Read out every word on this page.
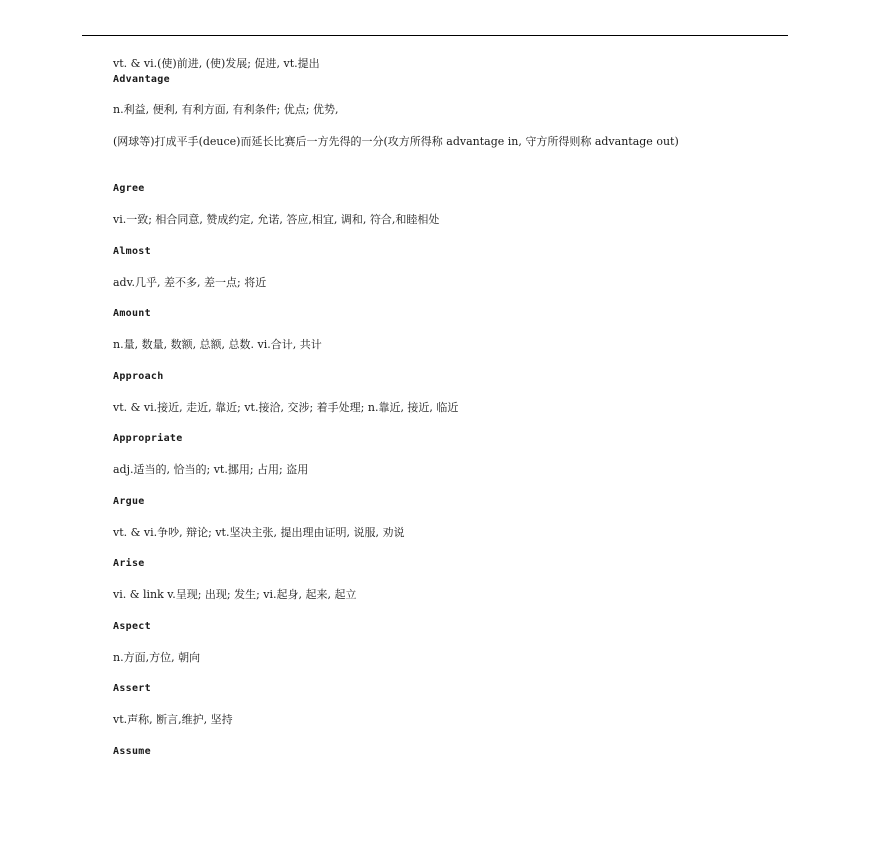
vt. & vi.(使)前进, (使)发展; 促进, vt.提出
Advantage
n.利益, 便利, 有利方面, 有利条件; 优点; 优势,
(网球等)打成平手(deuce)而延长比赛后一方先得的一分(攻方所得称 advantage in, 守方所得则称 advantage out)
Agree
vi.一致; 相合同意, 赞成约定, 允诺, 答应,相宜, 调和, 符合,和睦相处
Almost
adv.几乎, 差不多, 差一点; 将近
Amount
n.量, 数量, 数额, 总额, 总数. vi.合计, 共计
Approach
vt. & vi.接近, 走近, 靠近; vt.接洽, 交涉; 着手处理; n.靠近, 接近, 临近
Appropriate
adj.适当的, 恰当的; vt.挪用; 占用; 盗用
Argue
vt. & vi.争吵, 辩论; vt.坚决主张, 提出理由证明, 说服, 劝说
Arise
vi. & link v.呈现; 出现; 发生; vi.起身, 起来, 起立
Aspect
n.方面,方位, 朝向
Assert
vt.声称, 断言,维护, 坚持
Assume
